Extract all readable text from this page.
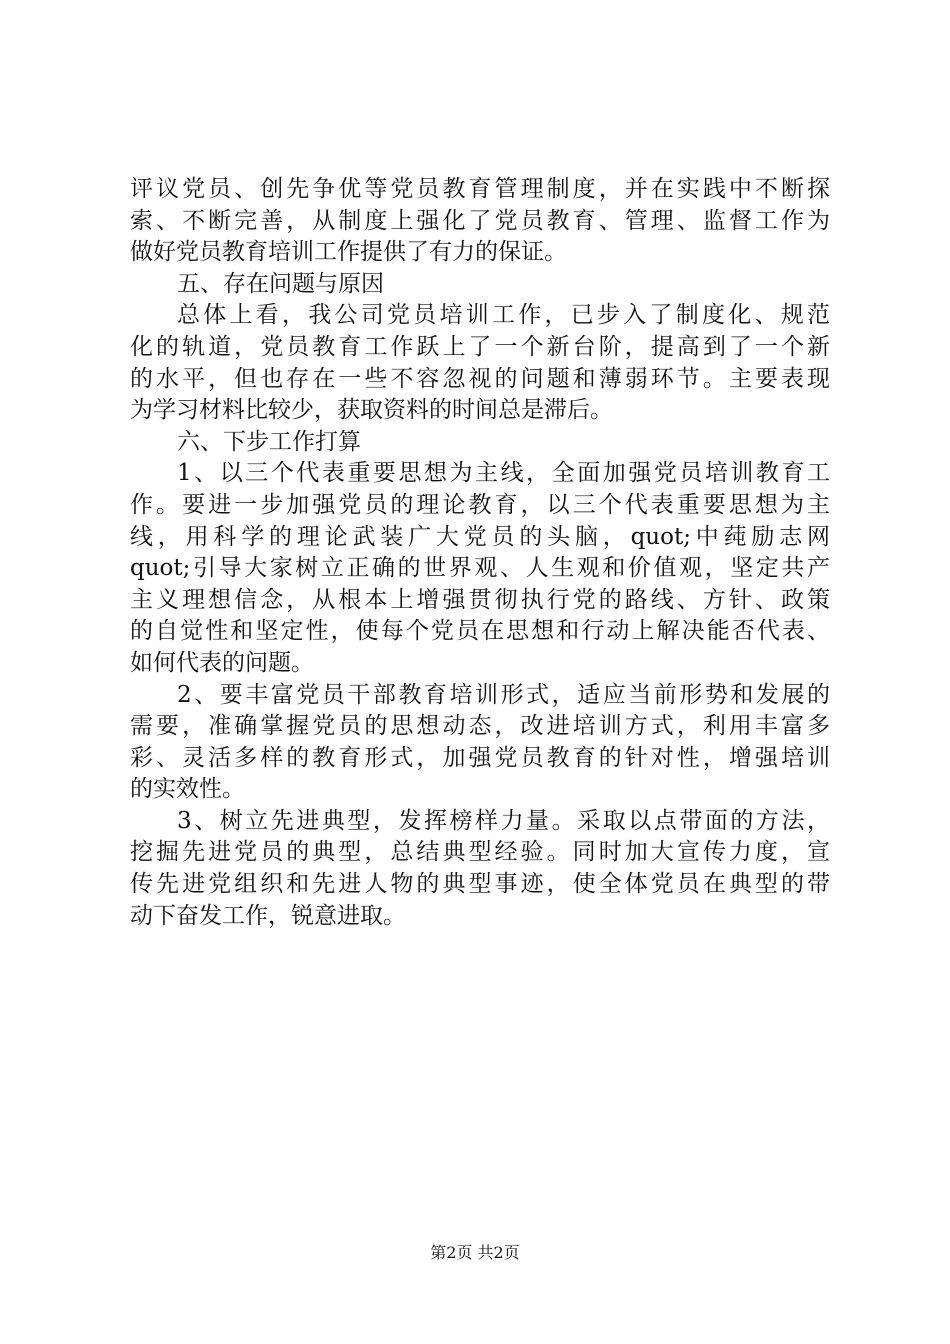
评议党员、创先争优等党员教育管理制度，并在实践中不断探
索、不断完善，从制度上强化了党员教育、管理、监督工作为
做好党员教育培训工作提供了有力的保证。
五、存在问题与原因
总体上看，我公司党员培训工作，已步入了制度化、规范
化的轨道，党员教育工作跃上了一个新台阶，提高到了一个新
的水平，但也存在一些不容忽视的问题和薄弱环节。主要表现
为学习材料比较少，获取资料的时间总是滞后。
六、下步工作打算
1、以三个代表重要思想为主线，全面加强党员培训教育工
作。要进一步加强党员的理论教育，以三个代表重要思想为主
线，用科学的理论武装广大党员的头脑，quot;中莼励志网
quot;引导大家树立正确的世界观、人生观和价值观，坚定共产
主义理想信念，从根本上增强贯彻执行党的路线、方针、政策
的自觉性和坚定性，使每个党员在思想和行动上解决能否代表、
如何代表的问题。
2、要丰富党员干部教育培训形式，适应当前形势和发展的
需要，准确掌握党员的思想动态，改进培训方式，利用丰富多
彩、灵活多样的教育形式，加强党员教育的针对性，增强培训
的实效性。
3、树立先进典型，发挥榜样力量。采取以点带面的方法，
挖掘先进党员的典型，总结典型经验。同时加大宣传力度，宣
传先进党组织和先进人物的典型事迹，使全体党员在典型的带
动下奋发工作，锐意进取。
第2页 共2页
